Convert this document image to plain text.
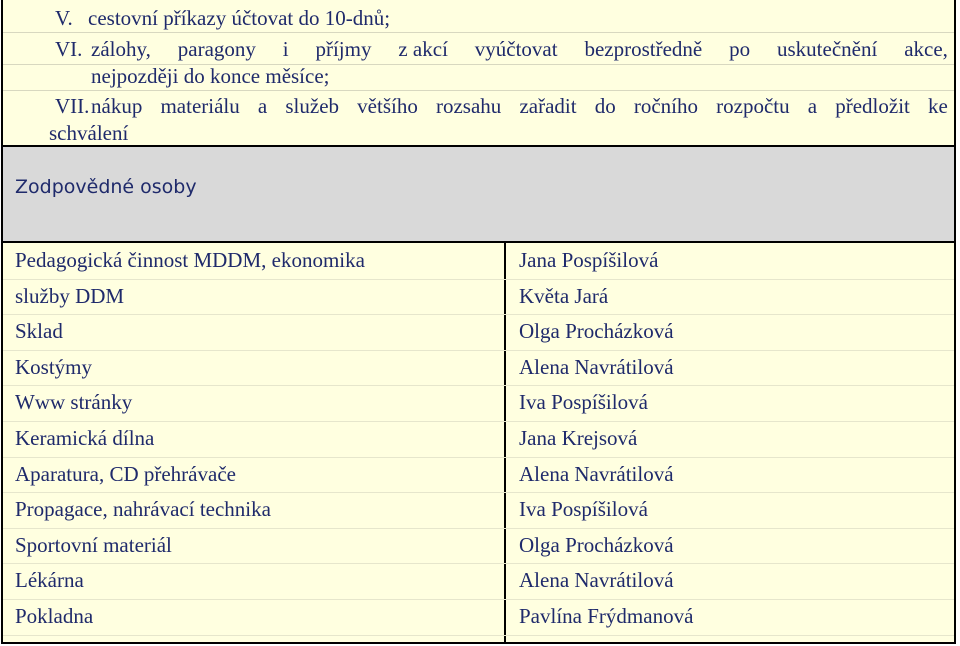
V. cestovní příkazy účtovat do 10-dnů;
VI. zálohy, paragony i příjmy z akcí vyúčtovat bezprostředně po uskutečnění akce,
nejpozději do konce měsíce;
VII. nákup materiálu a služeb většího rozsahu zařadit do ročního rozpočtu a předložit ke
schválení
Zodpovědné osoby
Pedagogická činnost MDDM, ekonomika	Jana Pospíšilová
služby DDM	Květa Jará
Sklad	Olga Procházková
Kostýmy	Alena Navrátilová
Www stránky	Iva Pospíšilová
Keramická dílna	Jana Krejsová
Aparatura, CD přehrávače	Alena Navrátilová
Propagace, nahrávací technika	Iva Pospíšilová
Sportovní materiál	Olga Procházková
Lékárna	Alena Navrátilová
Pokladna	Pavlína Frýdmanová
